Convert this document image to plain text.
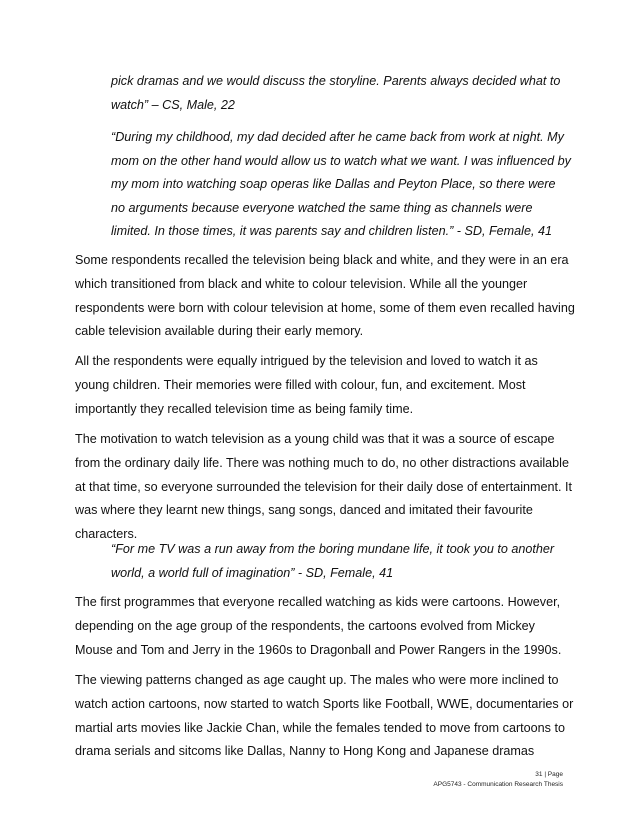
pick dramas and we would discuss the storyline. Parents always decided what to watch” – CS, Male, 22

“During my childhood, my dad decided after he came back from work at night. My mom on the other hand would allow us to watch what we want. I was influenced by my mom into watching soap operas like Dallas and Peyton Place, so there were no arguments because everyone watched the same thing as channels were limited. In those times, it was parents say and children listen.” - SD, Female, 41

Some respondents recalled the television being black and white, and they were in an era which transitioned from black and white to colour television. While all the younger respondents were born with colour television at home, some of them even recalled having cable television available during their early memory.

All the respondents were equally intrigued by the television and loved to watch it as young children. Their memories were filled with colour, fun, and excitement. Most importantly they recalled television time as being family time.

The motivation to watch television as a young child was that it was a source of escape from the ordinary daily life. There was nothing much to do, no other distractions available at that time, so everyone surrounded the television for their daily dose of entertainment. It was where they learnt new things, sang songs, danced and imitated their favourite characters.

“For me TV was a run away from the boring mundane life, it took you to another world, a world full of imagination” - SD, Female, 41

The first programmes that everyone recalled watching as kids were cartoons. However, depending on the age group of the respondents, the cartoons evolved from Mickey Mouse and Tom and Jerry in the 1960s to Dragonball and Power Rangers in the 1990s.

The viewing patterns changed as age caught up. The males who were more inclined to watch action cartoons, now started to watch Sports like Football, WWE, documentaries or martial arts movies like Jackie Chan, while the females tended to move from cartoons to drama serials and sitcoms like Dallas, Nanny to Hong Kong and Japanese dramas

31 | Page
APG5743 - Communication Research Thesis
